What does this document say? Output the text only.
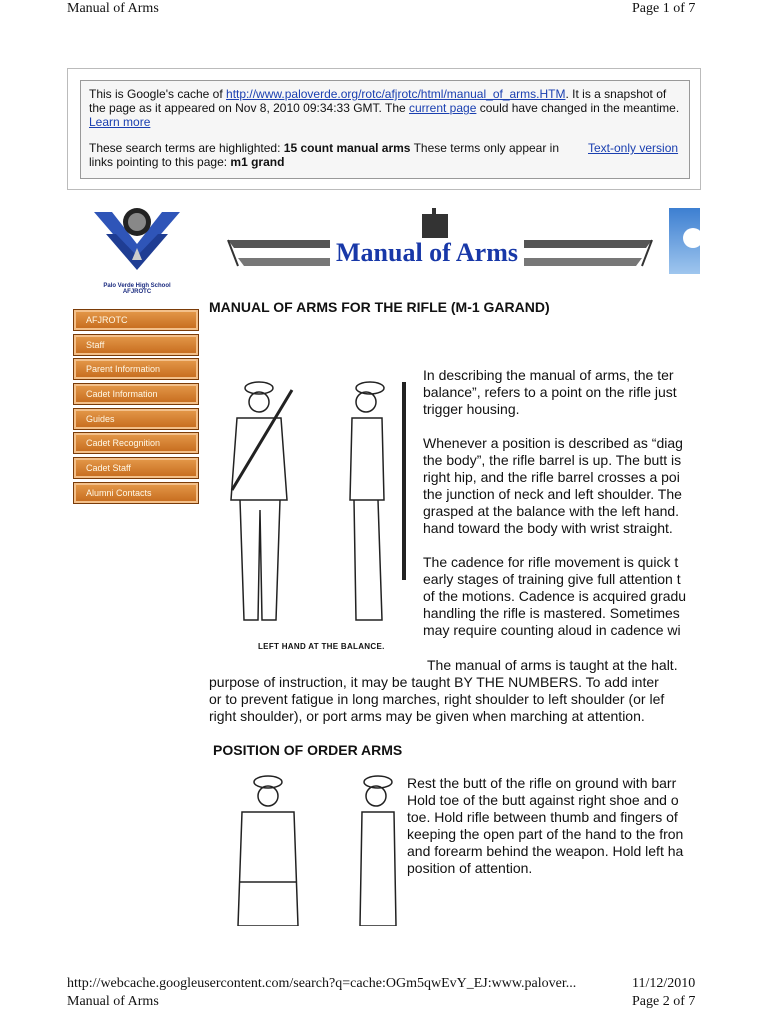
Manual of Arms	Page 1 of 7

This is Google's cache of http://www.paloverde.org/rotc/afjrotc/html/manual_of_arms.HTM. It is a snapshot of the page as it appeared on Nov 8, 2010 09:34:33 GMT. The current page could have changed in the meantime. Learn more

These search terms are highlighted: 15 count manual arms These terms only appear in links pointing to this page: m1 grand

Text-only version
Palo Verde High School
AFJROTC
Manual of Arms
AFJROTC
Staff
Parent Information
Cadet Information
Guides
Cadet Recognition
Cadet Staff
Alumni Contacts
MANUAL OF ARMS FOR THE RIFLE (M-1 GARAND)
LEFT HAND AT THE BALANCE.
In describing the manual of arms, the ter
balance”, refers to a point on the rifle just
trigger housing.
Whenever a position is described as “diag
the body”, the rifle barrel is up. The butt is
right hip, and the rifle barrel crosses a poi
the junction of neck and left shoulder. The
grasped at the balance with the left hand.
hand toward the body with wrist straight.
The cadence for rifle movement is quick t
early stages of training give full attention t
of the motions. Cadence is acquired gradu
handling the rifle is mastered. Sometimes
may require counting aloud in cadence wi
The manual of arms is taught at the halt.
purpose of instruction, it may be taught BY THE NUMBERS. To add inter
or to prevent fatigue in long marches, right shoulder to left shoulder (or lef
right shoulder), or port arms may be given when marching at attention.
POSITION OF ORDER ARMS
Rest the butt of the rifle on ground with barr
Hold toe of the butt against right shoe and o
toe. Hold rifle between thumb and fingers of
keeping the open part of the hand to the fron
and forearm behind the weapon. Hold left ha
position of attention.
http://webcache.googleusercontent.com/search?q=cache:OGm5qwEvY_EJ:www.palover...	11/12/2010
Manual of Arms	Page 2 of 7
